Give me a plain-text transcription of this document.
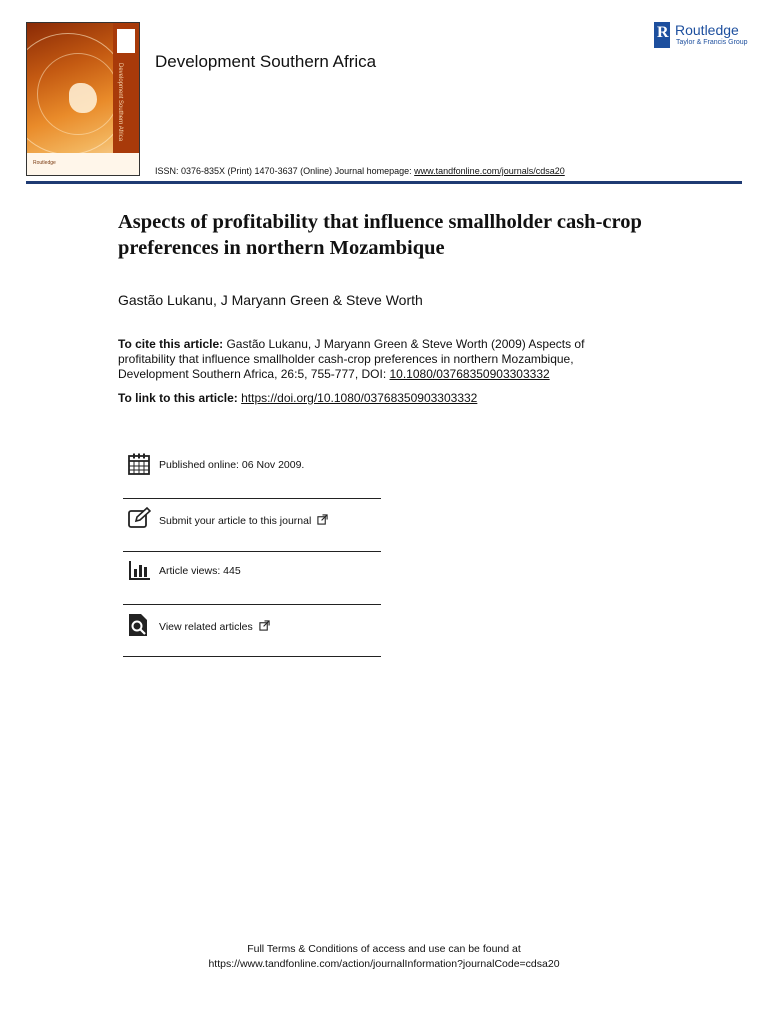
Development Southern Africa
Routledge
Development Southern Africa
R Routledge
Taylor & Francis Group
ISSN: 0376-835X (Print) 1470-3637 (Online) Journal homepage: www.tandfonline.com/journals/cdsa20
Aspects of profitability that influence smallholder cash-crop preferences in northern Mozambique
Gastão Lukanu, J Maryann Green & Steve Worth
To cite this article: Gastão Lukanu, J Maryann Green & Steve Worth (2009) Aspects of profitability that influence smallholder cash-crop preferences in northern Mozambique, Development Southern Africa, 26:5, 755-777, DOI: 10.1080/03768350903303332
To link to this article: https://doi.org/10.1080/03768350903303332
Published online: 06 Nov 2009.
Submit your article to this journal
Article views: 445
View related articles
Full Terms & Conditions of access and use can be found at
https://www.tandfonline.com/action/journalInformation?journalCode=cdsa20
